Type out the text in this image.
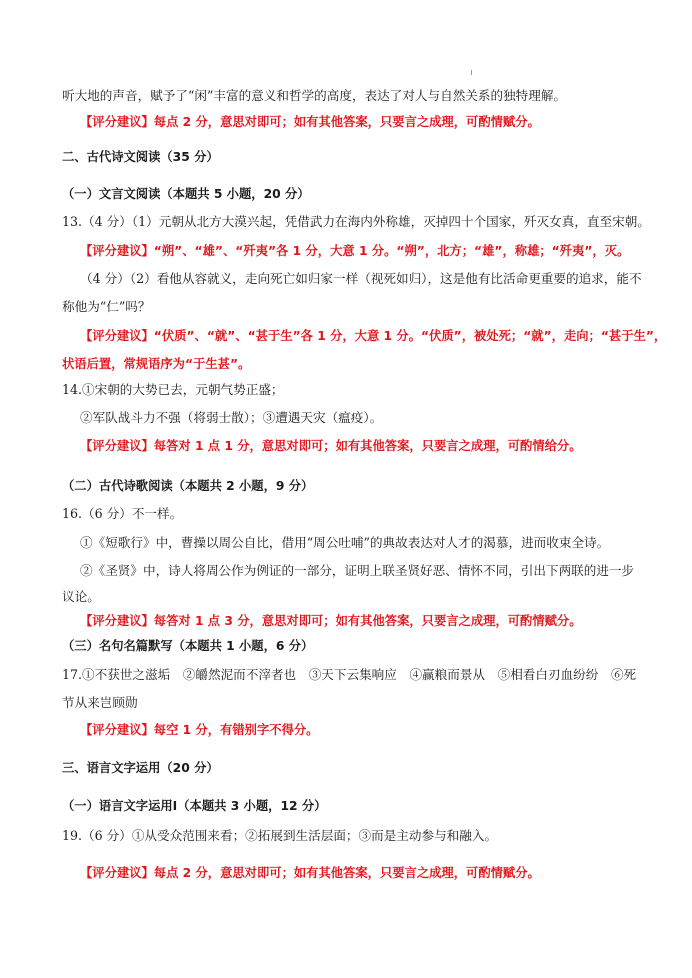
听大地的声音，赋予了“闲”丰富的意义和哲学的高度，表达了对人与自然关系的独特理解。
【评分建议】每点 2 分，意思对即可；如有其他答案，只要言之成理，可酌情赋分。
二、古代诗文阅读（35 分）
（一）文言文阅读（本题共 5 小题，20 分）
13.（4 分）（1）元朝从北方大漠兴起，凭借武力在海内外称雄，灭掉四十个国家，歼灭女真，直至宋朝。
【评分建议】“朔”、“雄”、“歼夷”各 1 分，大意 1 分。“朔”，北方；“雄”，称雄；“歼夷”，灭。
（4 分）（2）看他从容就义，走向死亡如归家一样（视死如归），这是他有比活命更重要的追求，能不
称他为“仁”吗？
【评分建议】“伏质”、“就”、“甚于生”各 1 分，大意 1 分。“伏质”，被处死；“就”，走向；“甚于生”，
状语后置，常规语序为“于生甚”。
14.①宋朝的大势已去，元朝气势正盛；
②军队战斗力不强（将弱士散）；③遭遇天灾（瘟疫）。
【评分建议】每答对 1 点 1 分，意思对即可；如有其他答案，只要言之成理，可酌情给分。
（二）古代诗歌阅读（本题共 2 小题，9 分）
16.（6 分）不一样。
①《短歌行》中，曹操以周公自比，借用“周公吐哺”的典故表达对人才的渴慕，进而收束全诗。
②《圣贤》中，诗人将周公作为例证的一部分，证明上联圣贤好恶、情怀不同，引出下两联的进一步
议论。
【评分建议】每答对 1 点 3 分，意思对即可；如有其他答案，只要言之成理，可酌情赋分。
（三）名句名篇默写（本题共 1 小题，6 分）
17.①不获世之滋垢　②皭然泥而不滓者也　③天下云集响应　④赢粮而景从　⑤相看白刃血纷纷　⑥死
节从来岂顾勋
【评分建议】每空 1 分，有错别字不得分。
三、语言文字运用（20 分）
（一）语言文字运用Ⅰ（本题共 3 小题，12 分）
19.（6 分）①从受众范围来看；②拓展到生活层面；③而是主动参与和融入。
【评分建议】每点 2 分，意思对即可；如有其他答案，只要言之成理，可酌情赋分。
